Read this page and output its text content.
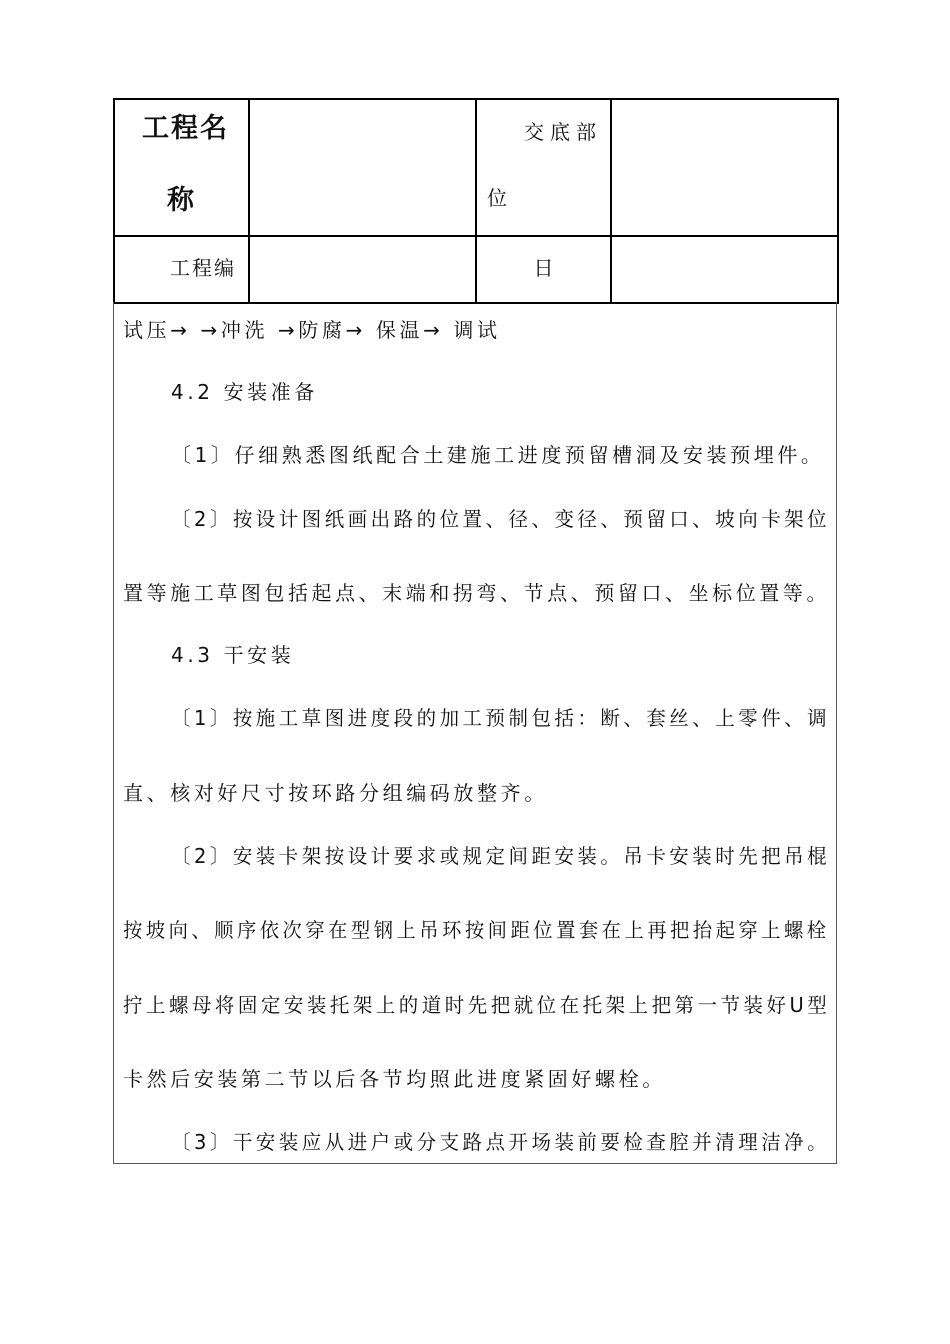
工程名
称		交底部
位	

工程编		日	
试压→ →冲洗 →防腐→ 保温→ 调试
4.2 安装准备
〔1〕仔细熟悉图纸配合土建施工进度预留槽洞及安装预埋件。
〔2〕按设计图纸画出路的位置、径、变径、预留口、坡向卡架位
置等施工草图包括起点、末端和拐弯、节点、预留口、坐标位置等。
4.3 干安装
〔1〕按施工草图进度段的加工预制包括：断、套丝、上零件、调
直、核对好尺寸按环路分组编码放整齐。
〔2〕安装卡架按设计要求或规定间距安装。吊卡安装时先把吊棍
按坡向、顺序依次穿在型钢上吊环按间距位置套在上再把抬起穿上螺栓
拧上螺母将固定安装托架上的道时先把就位在托架上把第一节装好U型
卡然后安装第二节以后各节均照此进度紧固好螺栓。
〔3〕干安装应从进户或分支路点开场装前要检查腔并清理洁净。
